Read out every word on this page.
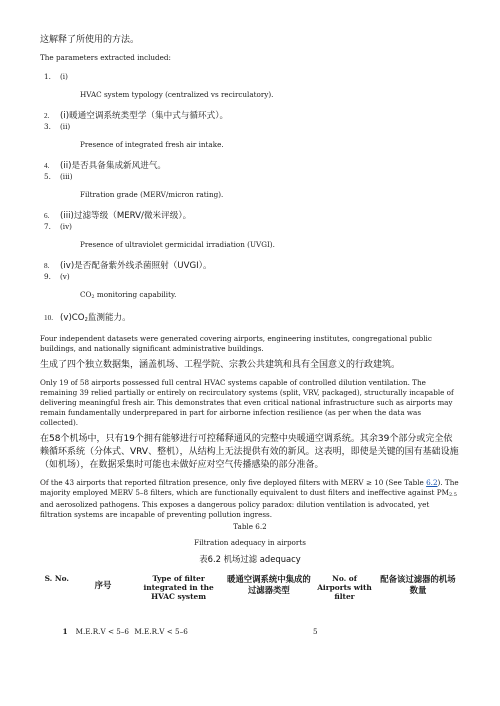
这解释了所使用的方法。

The parameters extracted included:

1. (i)
HVAC system typology (centralized vs recirculatory).
2. (i)暖通空调系统类型学（集中式与循环式）。
3. (ii)
Presence of integrated fresh air intake.
4. (ii)是否具备集成新风进气。
5. (iii)
Filtration grade (MERV/micron rating).
6. (iii)过滤等级（MERV/微米评级）。
7. (iv)
Presence of ultraviolet germicidal irradiation (UVGI).
8. (iv)是否配备紫外线杀菌照射（UVGI）。
9. (v)
$CO_2$ monitoring capability.
10. $(v)CO_2$监测能力。

Four independent datasets were generated covering airports, engineering institutes, congregational public buildings, and nationally significant administrative buildings.

生成了四个独立数据集，涵盖机场、工程学院、宗教公共建筑和具有全国意义的行政建筑。

Only 19 of 58 airports possessed full central HVAC systems capable of controlled dilution ventilation. The remaining 39 relied partially or entirely on recirculatory systems (split, VRV, packaged), structurally incapable of delivering meaningful fresh air. This demonstrates that even critical national infrastructure such as airports may remain fundamentally underprepared in part for airborne infection resilience (as per when the data was collected).

在58个机场中，只有19个拥有能够进行可控稀释通风的完整中央暖通空调系统。其余39个部分或完全依赖循环系统（分体式、VRV、整机），从结构上无法提供有效的新风。这表明，即使是关键的国有基础设施（如机场），在数据采集时可能也未做好应对空气传播感染的部分准备。

Of the 43 airports that reported filtration presence, only five deployed filters with MERV ≥ 10 (See Table 6.2). The majority employed MERV 5–8 filters, which are functionally equivalent to dust filters and ineffective against $PM_{2.5}$ and aerosolized pathogens. This exposes a dangerous policy paradox: dilution ventilation is advocated, yet filtration systems are incapable of preventing pollution ingress.

Table 6.2

Filtration adequacy in airports

表6.2 机场过滤 adequacy

S. No.	序号	Type of filter integrated in the HVAC system	暖通空调系统中集成的过滤器类型	No. of Airports with filter	配备该过滤器的机场数量
1	M.E.R.V < 5–6	M.E.R.V < 5–6		5	
